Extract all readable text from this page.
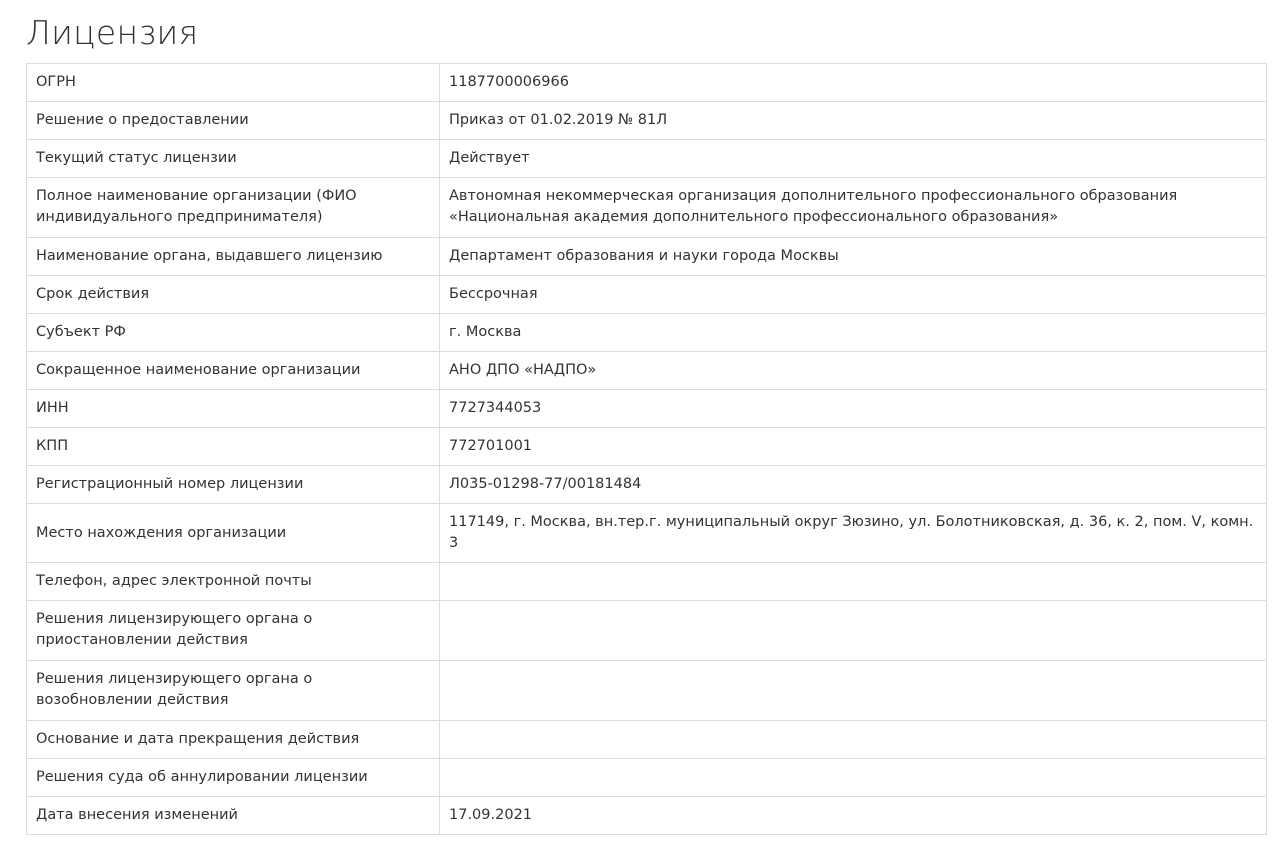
Лицензия
ОГРН	1187700006966
Решение о предоставлении	Приказ от 01.02.2019 № 81Л
Текущий статус лицензии	Действует
Полное наименование организации (ФИО индивидуального предпринимателя)	Автономная некоммерческая организация дополнительного профессионального образования «Национальная академия дополнительного профессионального образования»
Наименование органа, выдавшего лицензию	Департамент образования и науки города Москвы
Срок действия	Бессрочная
Субъект РФ	г. Москва
Сокращенное наименование организации	АНО ДПО «НАДПО»
ИНН	7727344053
КПП	772701001
Регистрационный номер лицензии	Л035-01298-77/00181484
Место нахождения организации	117149, г. Москва, вн.тер.г. муниципальный округ Зюзино, ул. Болотниковская, д. 36, к. 2, пом. V, комн. 3
Телефон, адрес электронной почты	
Решения лицензирующего органа о приостановлении действия	
Решения лицензирующего органа о возобновлении действия	
Основание и дата прекращения действия	
Решения суда об аннулировании лицензии	
Дата внесения изменений	17.09.2021
